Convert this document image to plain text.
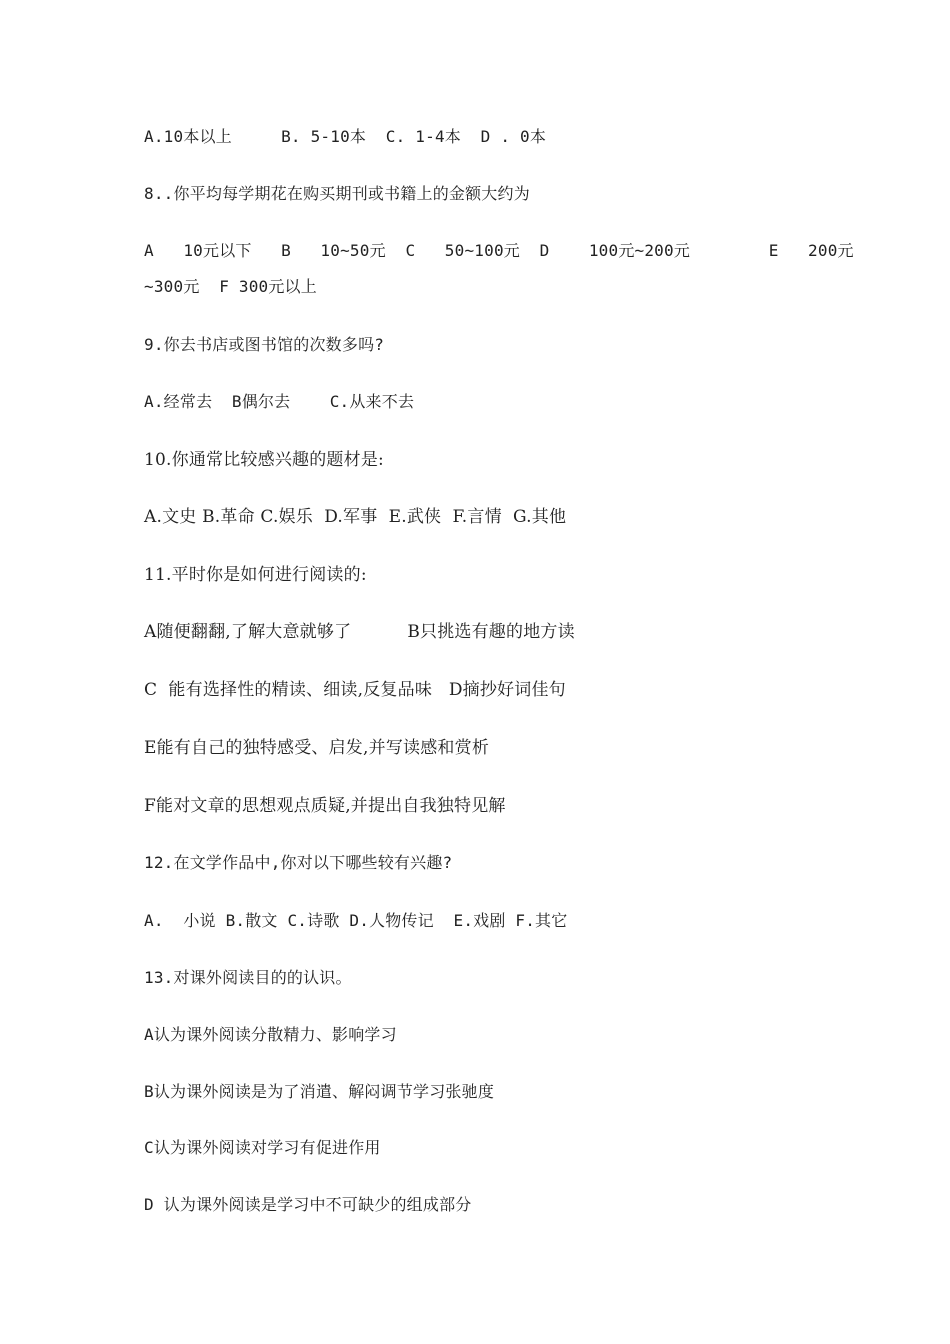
A.10本以上     B. 5-10本  C. 1-4本  D . 0本
8..你平均每学期花在购买期刊或书籍上的金额大约为
A   10元以下   B   10~50元  C   50~100元  D    100元~200元        E   200元
~300元  F 300元以上
9.你去书店或图书馆的次数多吗?
A.经常去  B偶尔去    C.从来不去
10.你通常比较感兴趣的题材是:
A.文史 B.革命 C.娱乐  D.军事  E.武侠  F.言情  G.其他
11.平时你是如何进行阅读的:
A随便翻翻,了解大意就够了          B只挑选有趣的地方读
C  能有选择性的精读、细读,反复品味   D摘抄好词佳句
E能有自己的独特感受、启发,并写读感和赏析
F能对文章的思想观点质疑,并提出自我独特见解
12.在文学作品中,你对以下哪些较有兴趣?
A.  小说 B.散文 C.诗歌 D.人物传记  E.戏剧 F.其它
13.对课外阅读目的的认识。
A认为课外阅读分散精力、影响学习
B认为课外阅读是为了消遣、解闷调节学习张驰度
C认为课外阅读对学习有促进作用
D 认为课外阅读是学习中不可缺少的组成部分
